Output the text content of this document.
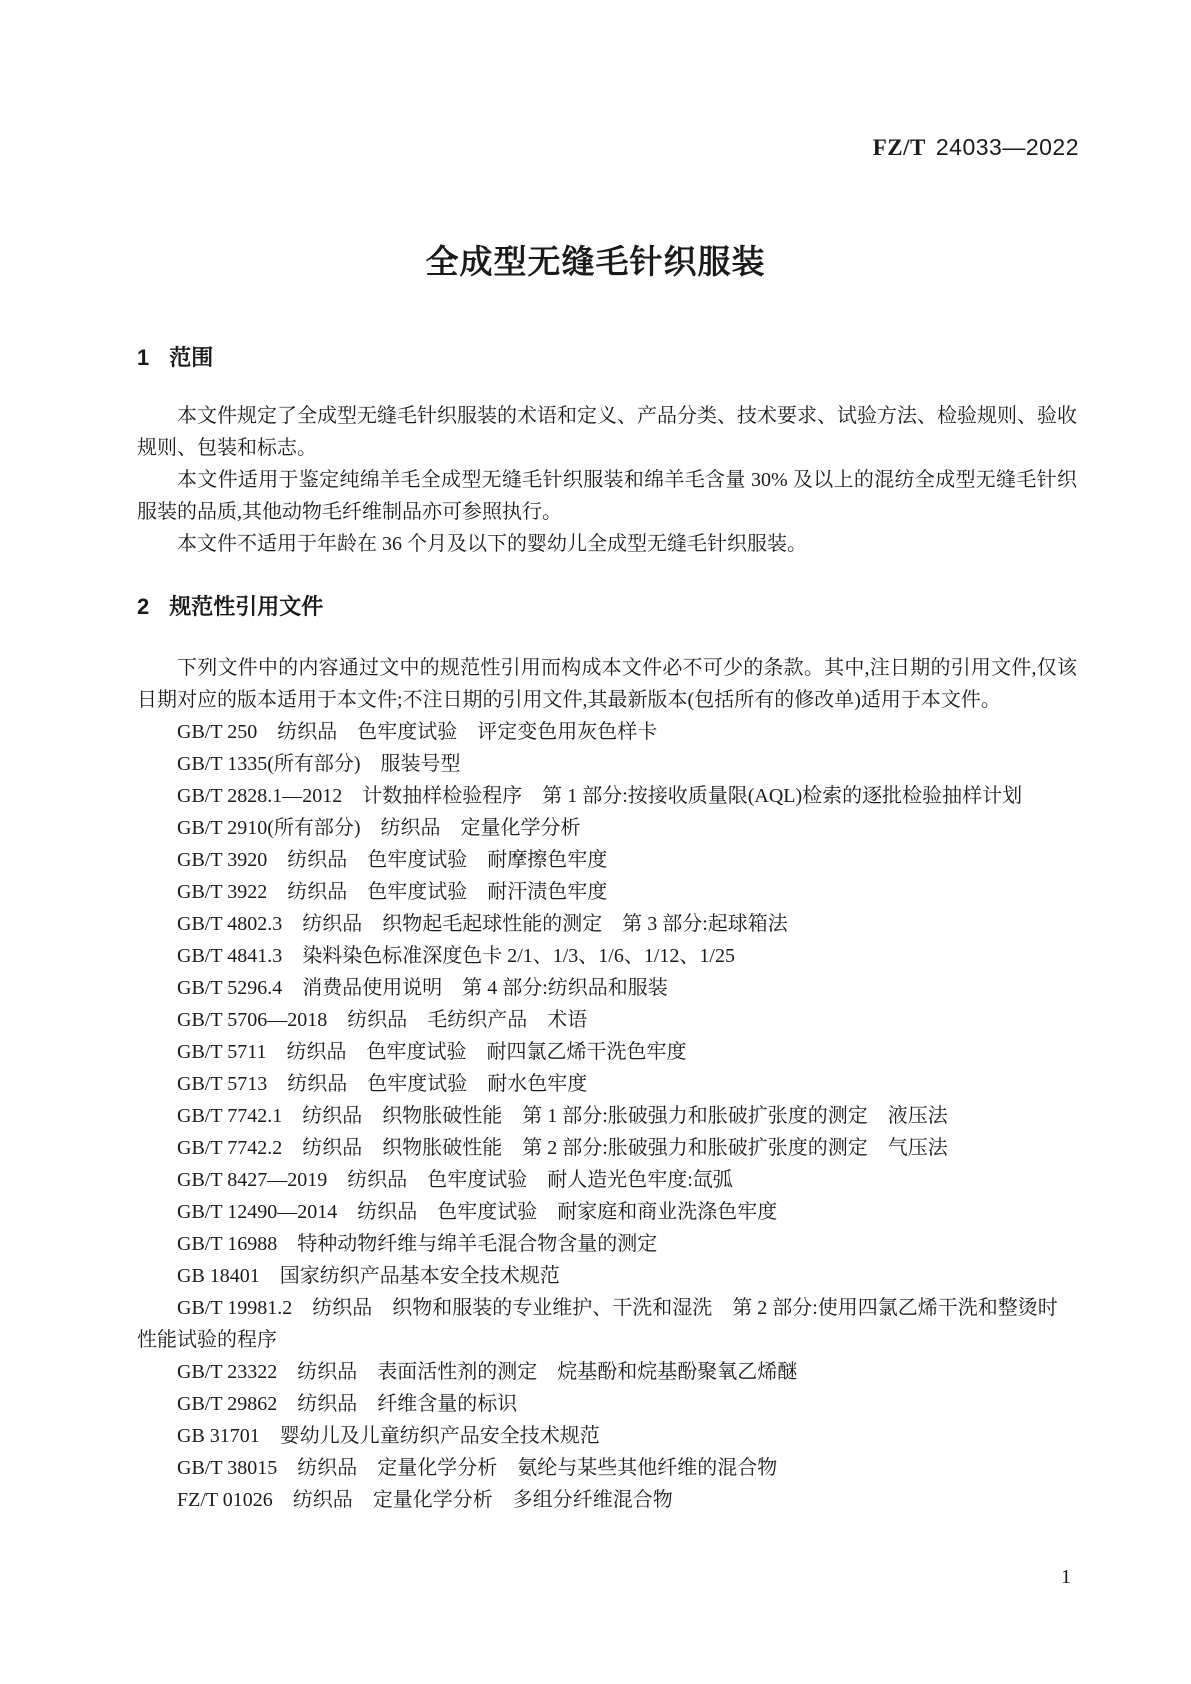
FZ/T 24033—2022
全成型无缝毛针织服装
1 范围

本文件规定了全成型无缝毛针织服装的术语和定义、产品分类、技术要求、试验方法、检验规则、验收规则、包装和标志。

本文件适用于鉴定纯绵羊毛全成型无缝毛针织服装和绵羊毛含量 30% 及以上的混纺全成型无缝毛针织服装的品质,其他动物毛纤维制品亦可参照执行。

本文件不适用于年龄在 36 个月及以下的婴幼儿全成型无缝毛针织服装。

2 规范性引用文件

下列文件中的内容通过文中的规范性引用而构成本文件必不可少的条款。其中,注日期的引用文件,仅该日期对应的版本适用于本文件;不注日期的引用文件,其最新版本(包括所有的修改单)适用于本文件。

GB/T 250　纺织品　色牢度试验　评定变色用灰色样卡

GB/T 1335(所有部分)　服装号型

GB/T 2828.1—2012　计数抽样检验程序　第 1 部分:按接收质量限(AQL)检索的逐批检验抽样计划

GB/T 2910(所有部分)　纺织品　定量化学分析

GB/T 3920　纺织品　色牢度试验　耐摩擦色牢度

GB/T 3922　纺织品　色牢度试验　耐汗渍色牢度

GB/T 4802.3　纺织品　织物起毛起球性能的测定　第 3 部分:起球箱法

GB/T 4841.3　染料染色标准深度色卡 2/1、1/3、1/6、1/12、1/25

GB/T 5296.4　消费品使用说明　第 4 部分:纺织品和服装

GB/T 5706—2018　纺织品　毛纺织产品　术语

GB/T 5711　纺织品　色牢度试验　耐四氯乙烯干洗色牢度

GB/T 5713　纺织品　色牢度试验　耐水色牢度

GB/T 7742.1　纺织品　织物胀破性能　第 1 部分:胀破强力和胀破扩张度的测定　液压法

GB/T 7742.2　纺织品　织物胀破性能　第 2 部分:胀破强力和胀破扩张度的测定　气压法

GB/T 8427—2019　纺织品　色牢度试验　耐人造光色牢度:氙弧

GB/T 12490—2014　纺织品　色牢度试验　耐家庭和商业洗涤色牢度

GB/T 16988　特种动物纤维与绵羊毛混合物含量的测定

GB 18401　国家纺织产品基本安全技术规范

GB/T 19981.2　纺织品　织物和服装的专业维护、干洗和湿洗　第 2 部分:使用四氯乙烯干洗和整烫时性能试验的程序

GB/T 23322　纺织品　表面活性剂的测定　烷基酚和烷基酚聚氧乙烯醚

GB/T 29862　纺织品　纤维含量的标识

GB 31701　婴幼儿及儿童纺织产品安全技术规范

GB/T 38015　纺织品　定量化学分析　氨纶与某些其他纤维的混合物

FZ/T 01026　纺织品　定量化学分析　多组分纤维混合物

1
